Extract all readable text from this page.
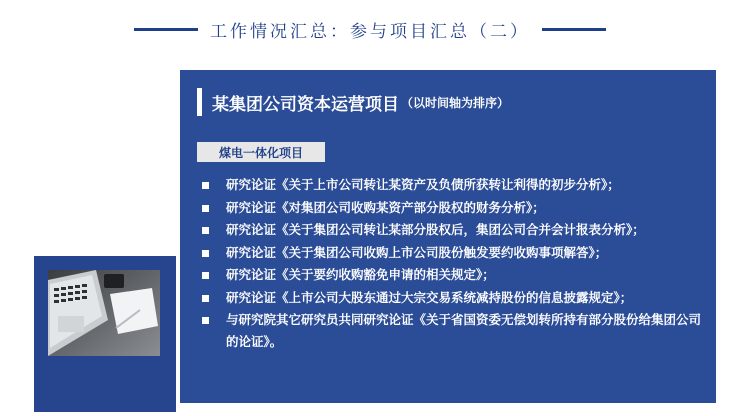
工作情况汇总：参与项目汇总（二）
某集团公司资本运营项目 （以时间轴为排序）
煤电一体化项目
研究论证《关于上市公司转让某资产及负债所获转让利得的初步分析》；
研究论证《对集团公司收购某资产部分股权的财务分析》；
研究论证《关于集团公司转让某部分股权后，集团公司合并会计报表分析》；
研究论证《关于集团公司收购上市公司股份触发要约收购事项解答》；
研究论证《关于要约收购豁免申请的相关规定》；
研究论证《上市公司大股东通过大宗交易系统减持股份的信息披露规定》；
与研究院其它研究员共同研究论证《关于省国资委无偿划转所持有部分股份给集团公司的论证》。
